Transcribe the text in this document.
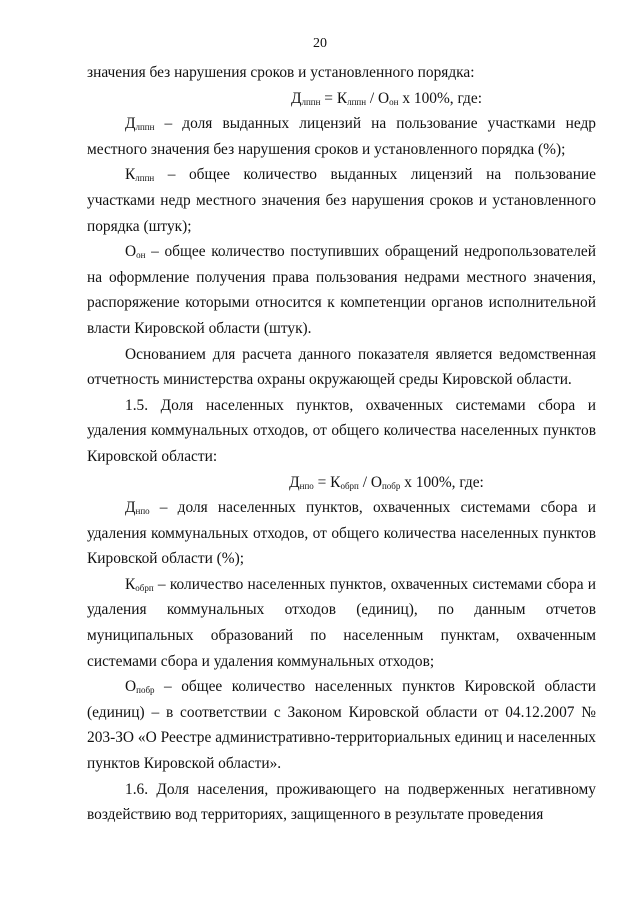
20

значения без нарушения сроков и установленного порядка:

$Д_{лппн} = К_{лппн} / О_{он}$ x 100%, где:

$Д_{лппн}$ – доля выданных лицензий на пользование участками недр местного значения без нарушения сроков и установленного порядка (%);

$К_{лппн}$ – общее количество выданных лицензий на пользование участками недр местного значения без нарушения сроков и установленного порядка (штук);

$О_{он}$ – общее количество поступивших обращений недропользователей на оформление получения права пользования недрами местного значения, распоряжение которыми относится к компетенции органов исполнительной власти Кировской области (штук).

Основанием для расчета данного показателя является ведомственная отчетность министерства охраны окружающей среды Кировской области.

1.5. Доля населенных пунктов, охваченных системами сбора и удаления коммунальных отходов, от общего количества населенных пунктов Кировской области:

$Д_{нпо} = К_{обрп} / О_{побр}$ x 100%, где:

$Д_{нпо}$ – доля населенных пунктов, охваченных системами сбора и удаления коммунальных отходов, от общего количества населенных пунктов Кировской области (%);

$К_{обрп}$ – количество населенных пунктов, охваченных системами сбора и удаления коммунальных отходов (единиц), по данным отчетов муниципальных образований по населенным пунктам, охваченным системами сбора и удаления коммунальных отходов;

$О_{побр}$ – общее количество населенных пунктов Кировской области (единиц) – в соответствии с Законом Кировской области от 04.12.2007 № 203-ЗО «О Реестре административно-территориальных единиц и населенных пунктов Кировской области».

1.6. Доля населения, проживающего на подверженных негативному воздействию вод территориях, защищенного в результате проведения
